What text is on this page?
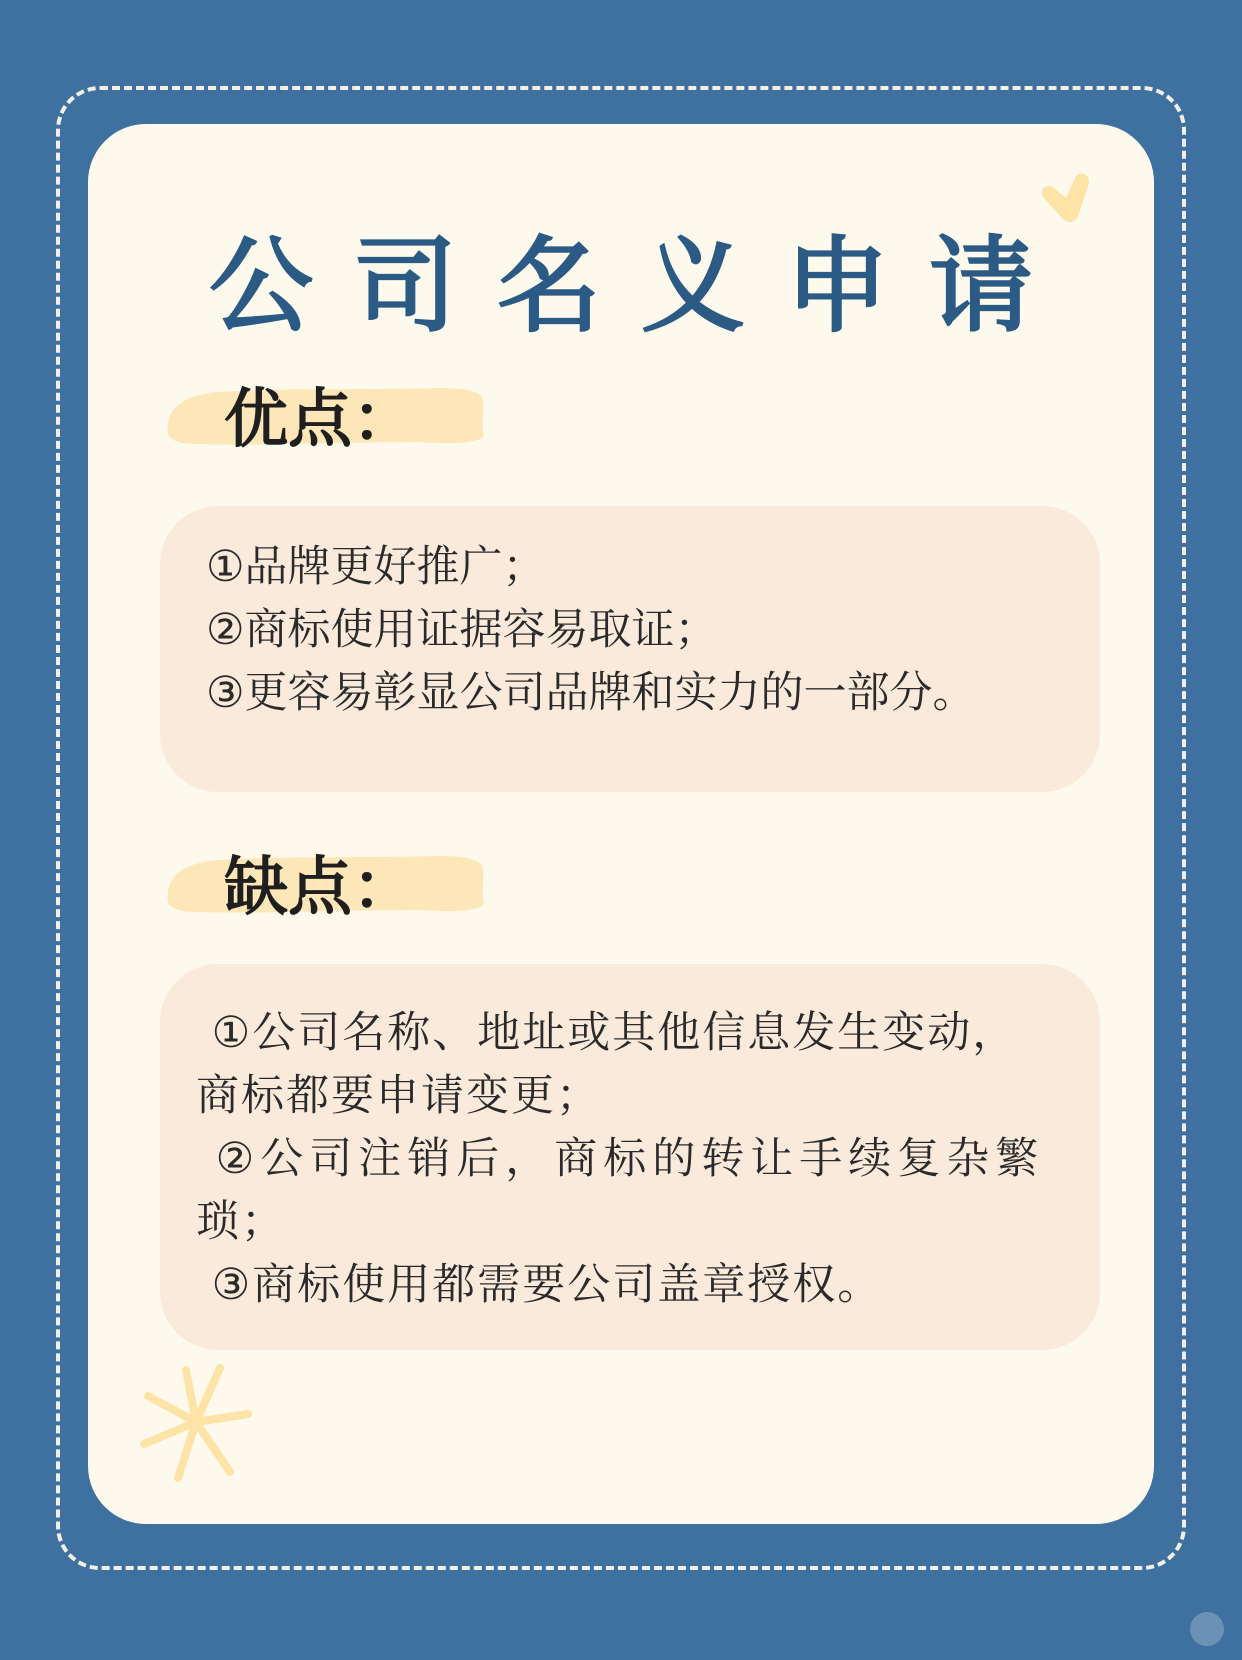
公司名义申请
优点：
①品牌更好推广；
②商标使用证据容易取证；
③更容易彰显公司品牌和实力的一部分。
缺点：
①公司名称、地址或其他信息发生变动，
商标都要申请变更；
②公司注销后，商标的转让手续复杂繁
琐；
③商标使用都需要公司盖章授权。
